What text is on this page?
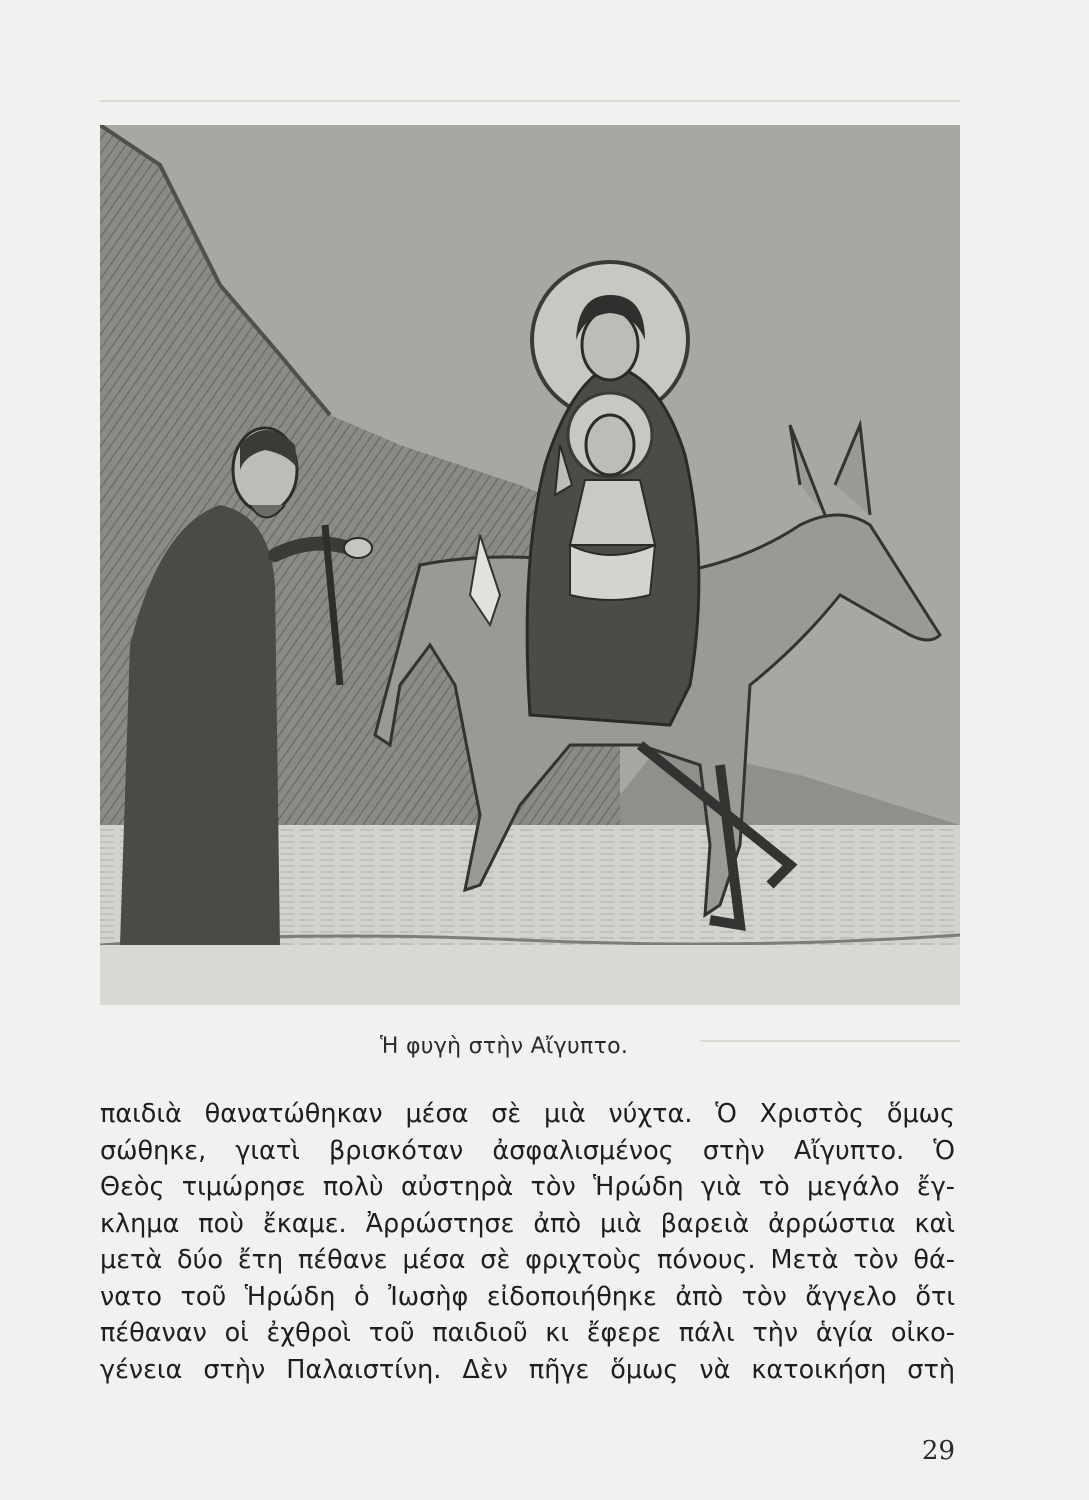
Ἡ φυγὴ στὴν Αἴγυπτο.
παιδιὰ θανατώθηκαν μέσα σὲ μιὰ νύχτα. Ὁ Χριστὸς ὅμως
σώθηκε, γιατὶ βρισκόταν ἀσφαλισμένος στὴν Αἴγυπτο. Ὁ
Θεὸς τιμώρησε πολὺ αὐστηρὰ τὸν Ἡρώδη γιὰ τὸ μεγάλο ἔγ-
κλημα ποὺ ἔκαμε. Ἀρρώστησε ἀπὸ μιὰ βαρειὰ ἀρρώστια καὶ
μετὰ δύο ἔτη πέθανε μέσα σὲ φριχτοὺς πόνους. Μετὰ τὸν θά-
νατο τοῦ Ἡρώδη ὁ Ἰωσὴφ εἰδοποιήθηκε ἀπὸ τὸν ἄγγελο ὅτι
πέθαναν οἱ ἐχθροὶ τοῦ παιδιοῦ κι ἔφερε πάλι τὴν ἁγία οἰκο-
γένεια στὴν Παλαιστίνη. Δὲν πῆγε ὅμως νὰ κατοικήση στὴ
29
